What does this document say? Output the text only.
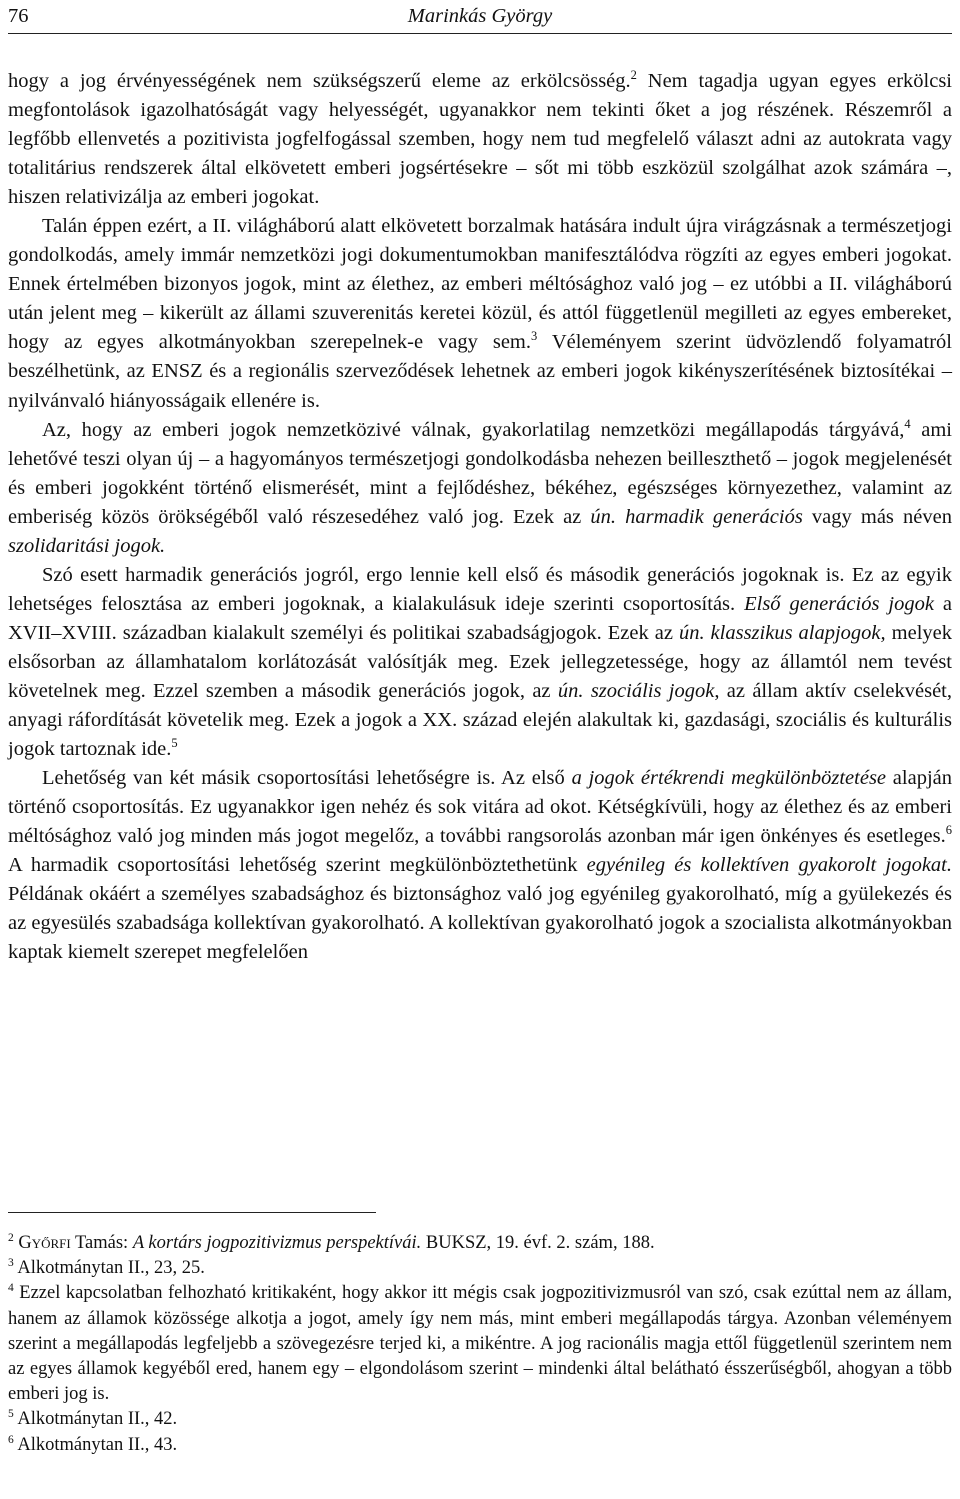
76	Marinkás György

hogy a jog érvényességének nem szükségszerű eleme az erkölcsösség.$^2$ Nem tagadja ugyan egyes erkölcsi megfontolások igazolhatóságát vagy helyességét, ugyanakkor nem tekinti őket a jog részének. Részemről a legfőbb ellenvetés a pozitivista jogfelfogással szemben, hogy nem tud megfelelő választ adni az autokrata vagy totalitárius rendszerek által elkövetett emberi jogsértésekre – sőt mi több eszközül szolgálhat azok számára –, hiszen relativizálja az emberi jogokat.

Talán éppen ezért, a II. világháború alatt elkövetett borzalmak hatására indult újra virágzásnak a természetjogi gondolkodás, amely immár nemzetközi jogi dokumentumokban manifesztálódva rögzíti az egyes emberi jogokat. Ennek értelmében bizonyos jogok, mint az élethez, az emberi méltósághoz való jog – ez utóbbi a II. világháború után jelent meg – kikerült az állami szuverenitás keretei közül, és attól függetlenül megilleti az egyes embereket, hogy az egyes alkotmányokban szerepelnek-e vagy sem.$^3$ Véleményem szerint üdvözlendő folyamatról beszélhetünk, az ENSZ és a regionális szerveződések lehetnek az emberi jogok kikényszerítésének biztosítékai – nyilvánvaló hiányosságaik ellenére is.

Az, hogy az emberi jogok nemzetközivé válnak, gyakorlatilag nemzetközi megállapodás tárgyává,$^4$ ami lehetővé teszi olyan új – a hagyományos természetjogi gondolkodásba nehezen beilleszthető – jogok megjelenését és emberi jogokként történő elismerését, mint a fejlődéshez, békéhez, egészséges környezethez, valamint az emberiség közös örökségéből való részesedéhez való jog. Ezek az ún. harmadik generációs vagy más néven szolidaritási jogok.

Szó esett harmadik generációs jogról, ergo lennie kell első és második generációs jogoknak is. Ez az egyik lehetséges felosztása az emberi jogoknak, a kialakulásuk ideje szerinti csoportosítás. Első generációs jogok a XVII–XVIII. században kialakult személyi és politikai szabadságjogok. Ezek az ún. klasszikus alapjogok, melyek elsősorban az államhatalom korlátozását valósítják meg. Ezek jellegzetessége, hogy az államtól nem tevést követelnek meg. Ezzel szemben a második generációs jogok, az ún. szociális jogok, az állam aktív cselekvését, anyagi ráfordítását követelik meg. Ezek a jogok a XX. század elején alakultak ki, gazdasági, szociális és kulturális jogok tartoznak ide.$^5$

Lehetőség van két másik csoportosítási lehetőségre is. Az első a jogok értékrendi megkülönböztetése alapján történő csoportosítás. Ez ugyanakkor igen nehéz és sok vitára ad okot. Kétségkívüli, hogy az élethez és az emberi méltósághoz való jog minden más jogot megelőz, a további rangsorolás azonban már igen önkényes és esetleges.$^6$ A harmadik csoportosítási lehetőség szerint megkülönböztethetünk egyénileg és kollektíven gyakorolt jogokat. Példának okáért a személyes szabadsághoz és biztonsághoz való jog egyénileg gyakorolható, míg a gyülekezés és az egyesülés szabadsága kollektívan gyakorolható. A kollektívan gyakorolható jogok a szocialista alkotmányokban kaptak kiemelt szerepet megfelelően

$^2$ Győrfi Tamás: A kortárs jogpozitivizmus perspektívái. BUKSZ, 19. évf. 2. szám, 188.

$^3$ Alkotmánytan II., 23, 25.

$^4$ Ezzel kapcsolatban felhozható kritikaként, hogy akkor itt mégis csak jogpozitivizmusról van szó, csak ezúttal nem az állam, hanem az államok közössége alkotja a jogot, amely így nem más, mint emberi megállapodás tárgya. Azonban véleményem szerint a megállapodás legfeljebb a szövegezésre terjed ki, a mikéntre. A jog racionális magja ettől függetlenül szerintem nem az egyes államok kegyéből ered, hanem egy – elgondolásom szerint – mindenki által belátható ésszerűségből, ahogyan a több emberi jog is.

$^5$ Alkotmánytan II., 42.

$^6$ Alkotmánytan II., 43.
